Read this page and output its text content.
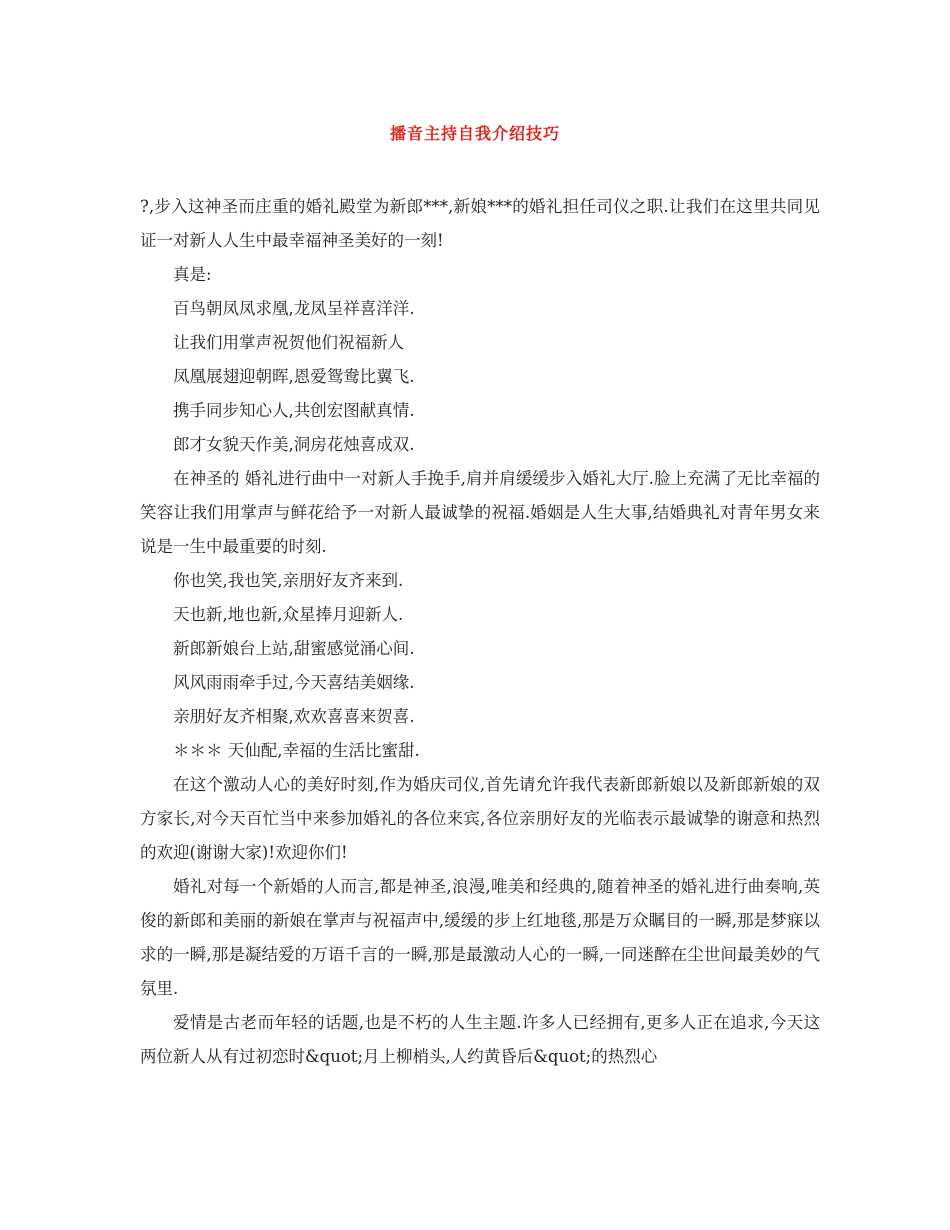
播音主持自我介绍技巧

?,步入这神圣而庄重的婚礼殿堂为新郎***,新娘***的婚礼担任司仪之职.让我们在这里共同见证一对新人人生中最幸福神圣美好的一刻!

真是:

百鸟朝凤凤求凰,龙凤呈祥喜洋洋.

让我们用掌声祝贺他们祝福新人

凤凰展翅迎朝晖,恩爱鸳鸯比翼飞.

携手同步知心人,共创宏图献真情.

郎才女貌天作美,洞房花烛喜成双.

在神圣的 婚礼进行曲中一对新人手挽手,肩并肩缓缓步入婚礼大厅.脸上充满了无比幸福的笑容让我们用掌声与鲜花给予一对新人最诚挚的祝福.婚姻是人生大事,结婚典礼对青年男女来说是一生中最重要的时刻.

你也笑,我也笑,亲朋好友齐来到.

天也新,地也新,众星捧月迎新人.

新郎新娘台上站,甜蜜感觉涌心间.

风风雨雨牵手过,今天喜结美姻缘.

亲朋好友齐相聚,欢欢喜喜来贺喜.

＊＊＊ 天仙配,幸福的生活比蜜甜.

在这个激动人心的美好时刻,作为婚庆司仪,首先请允许我代表新郎新娘以及新郎新娘的双方家长,对今天百忙当中来参加婚礼的各位来宾,各位亲朋好友的光临表示最诚挚的谢意和热烈的欢迎(谢谢大家)!欢迎你们!

婚礼对每一个新婚的人而言,都是神圣,浪漫,唯美和经典的,随着神圣的婚礼进行曲奏响,英俊的新郎和美丽的新娘在掌声与祝福声中,缓缓的步上红地毯,那是万众瞩目的一瞬,那是梦寐以求的一瞬,那是凝结爱的万语千言的一瞬,那是最激动人心的一瞬,一同迷醉在尘世间最美妙的气氛里.

爱情是古老而年轻的话题,也是不朽的人生主题.许多人已经拥有,更多人正在追求,今天这两位新人从有过初恋时&quot;月上柳梢头,人约黄昏后&quot;的热烈心
